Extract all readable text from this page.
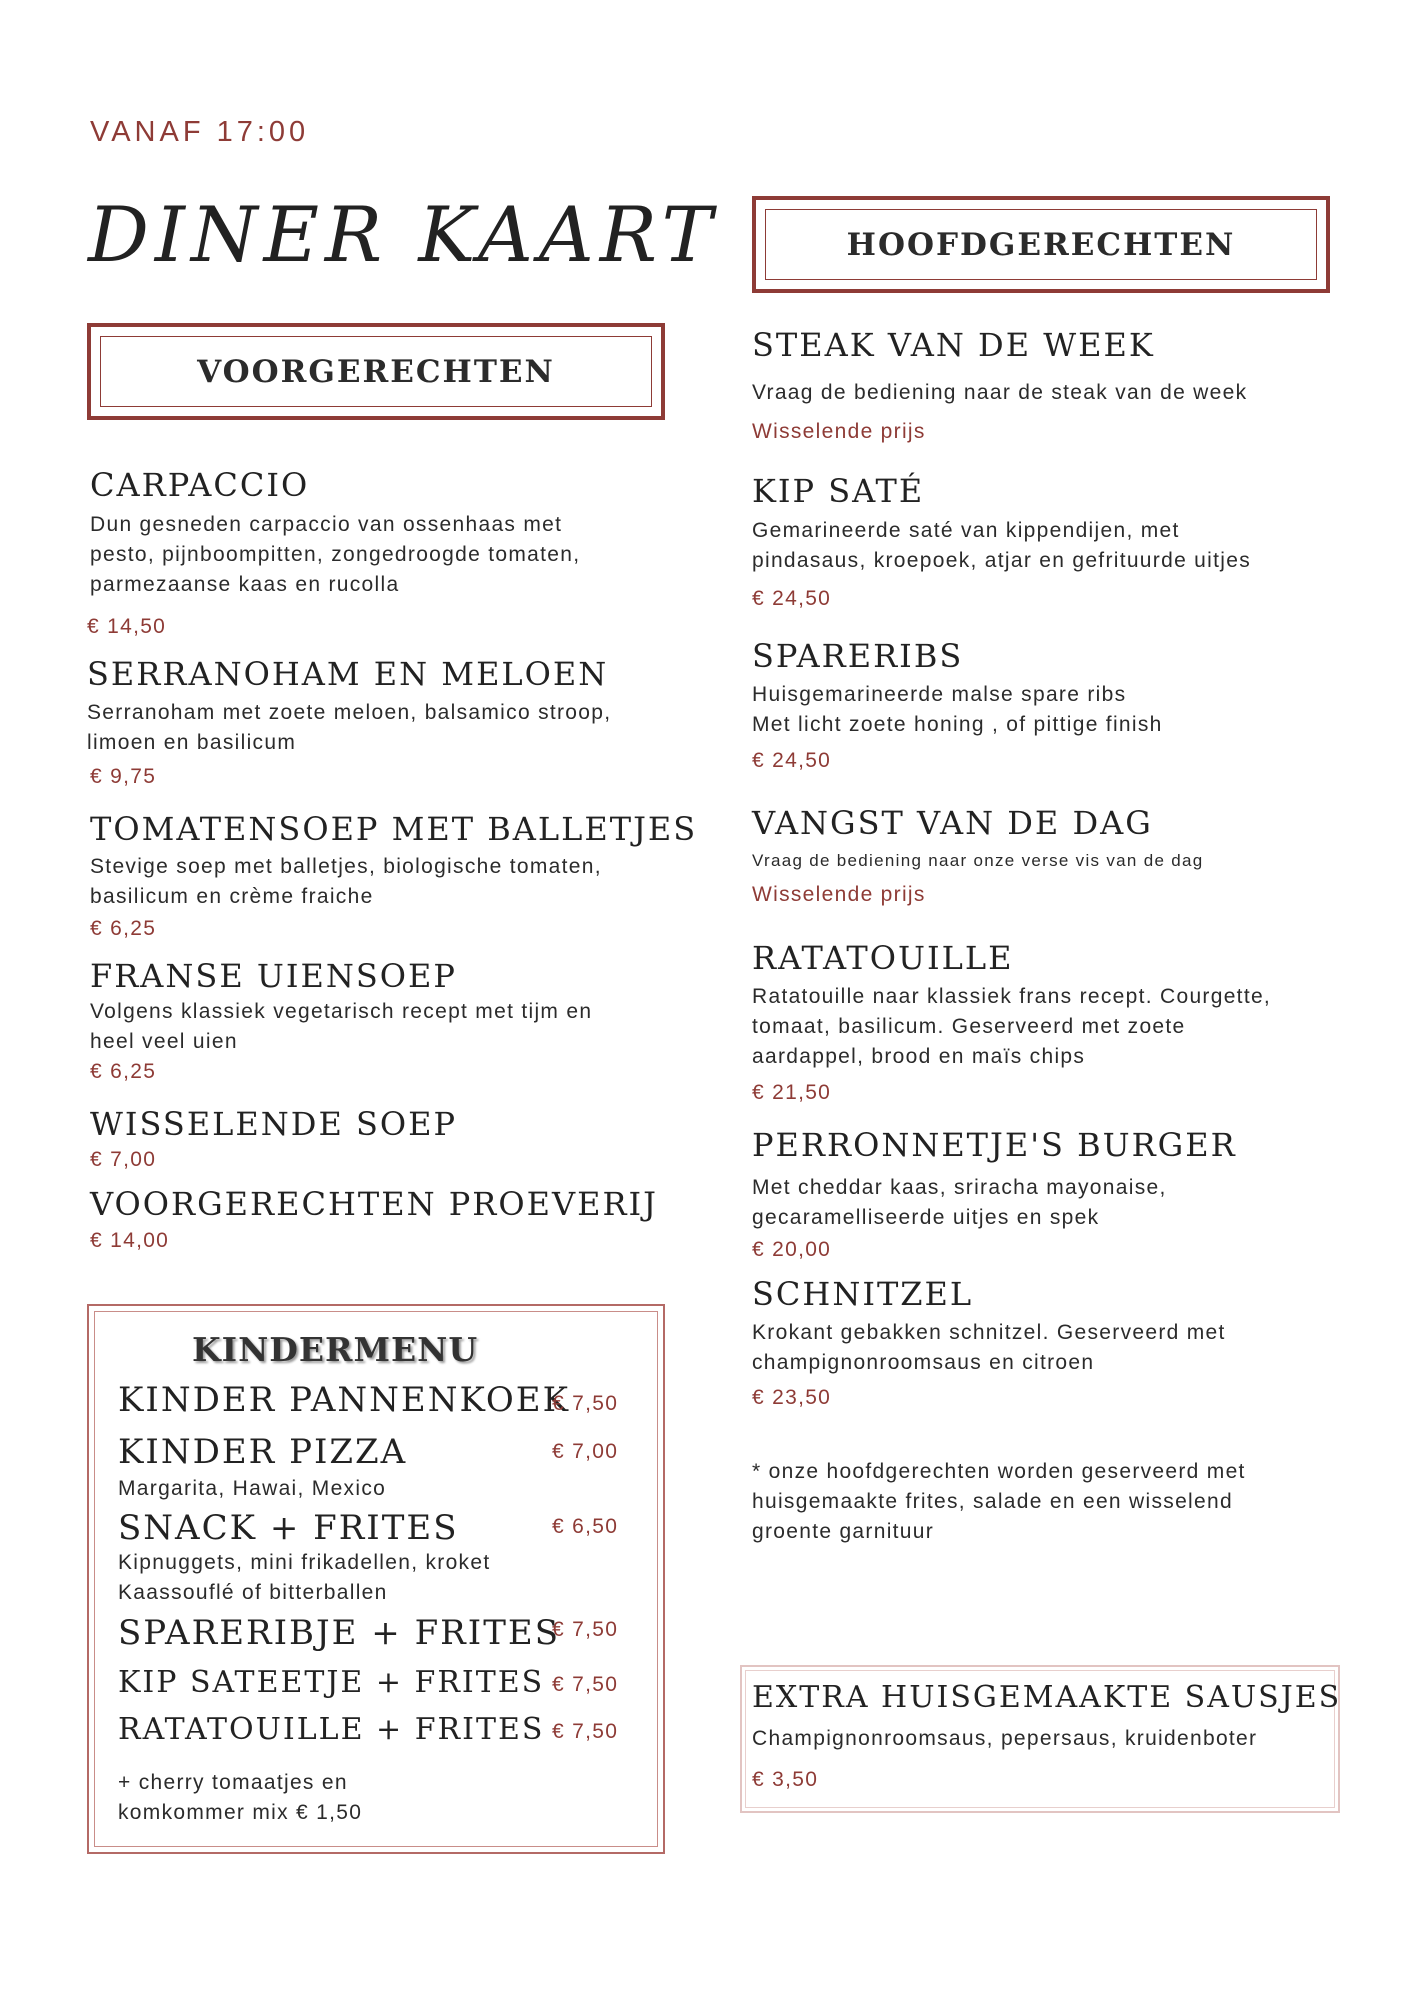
VANAF 17:00
DINER KAART
VOORGERECHTEN
CARPACCIO
Dun gesneden carpaccio van ossenhaas met
pesto, pijnboompitten, zongedroogde tomaten,
parmezaanse kaas en rucolla
€ 14,50
SERRANOHAM EN MELOEN
Serranoham met zoete meloen, balsamico stroop,
limoen en basilicum
€ 9,75
TOMATENSOEP MET BALLETJES
Stevige soep met balletjes, biologische tomaten,
basilicum en crème fraiche
€ 6,25
FRANSE UIENSOEP
Volgens klassiek vegetarisch recept met tijm en
heel veel uien
€ 6,25
WISSELENDE SOEP
€ 7,00
VOORGERECHTEN PROEVERIJ
€ 14,00
KINDERMENU
KINDER PANNENKOEK
€ 7,50
KINDER PIZZA	€ 7,00
Margarita, Hawai, Mexico
SNACK + FRITES	€ 6,50
Kipnuggets, mini frikadellen, kroket
Kaassouflé of bitterballen
SPARERIBJE + FRITES
€ 7,50
KIP SATEETJE + FRITES € 7,50
RATATOUILLE + FRITES € 7,50
+ cherry tomaatjes en
komkommer mix € 1,50
HOOFDGERECHTEN
STEAK VAN DE WEEK
Vraag de bediening naar de steak van de week
Wisselende prijs
KIP SATÉ
Gemarineerde saté van kippendijen, met
pindasaus, kroepoek, atjar en gefrituurde uitjes
€ 24,50
SPARERIBS
Huisgemarineerde malse spare ribs
Met licht zoete honing , of pittige finish
€ 24,50
VANGST VAN DE DAG
Vraag de bediening naar onze verse vis van de dag
Wisselende prijs
RATATOUILLE
Ratatouille naar klassiek frans recept. Courgette,
tomaat, basilicum. Geserveerd met zoete
aardappel, brood en maïs chips
€ 21,50
PERRONNETJE'S BURGER
Met cheddar kaas, sriracha mayonaise,
gecaramelliseerde uitjes en spek
€ 20,00
SCHNITZEL
Krokant gebakken schnitzel. Geserveerd met
champignonroomsaus en citroen
€ 23,50
* onze hoofdgerechten worden geserveerd met
huisgemaakte frites, salade en een wisselend
groente garnituur
EXTRA HUISGEMAAKTE SAUSJES
Champignonroomsaus, pepersaus, kruidenboter
€ 3,50
